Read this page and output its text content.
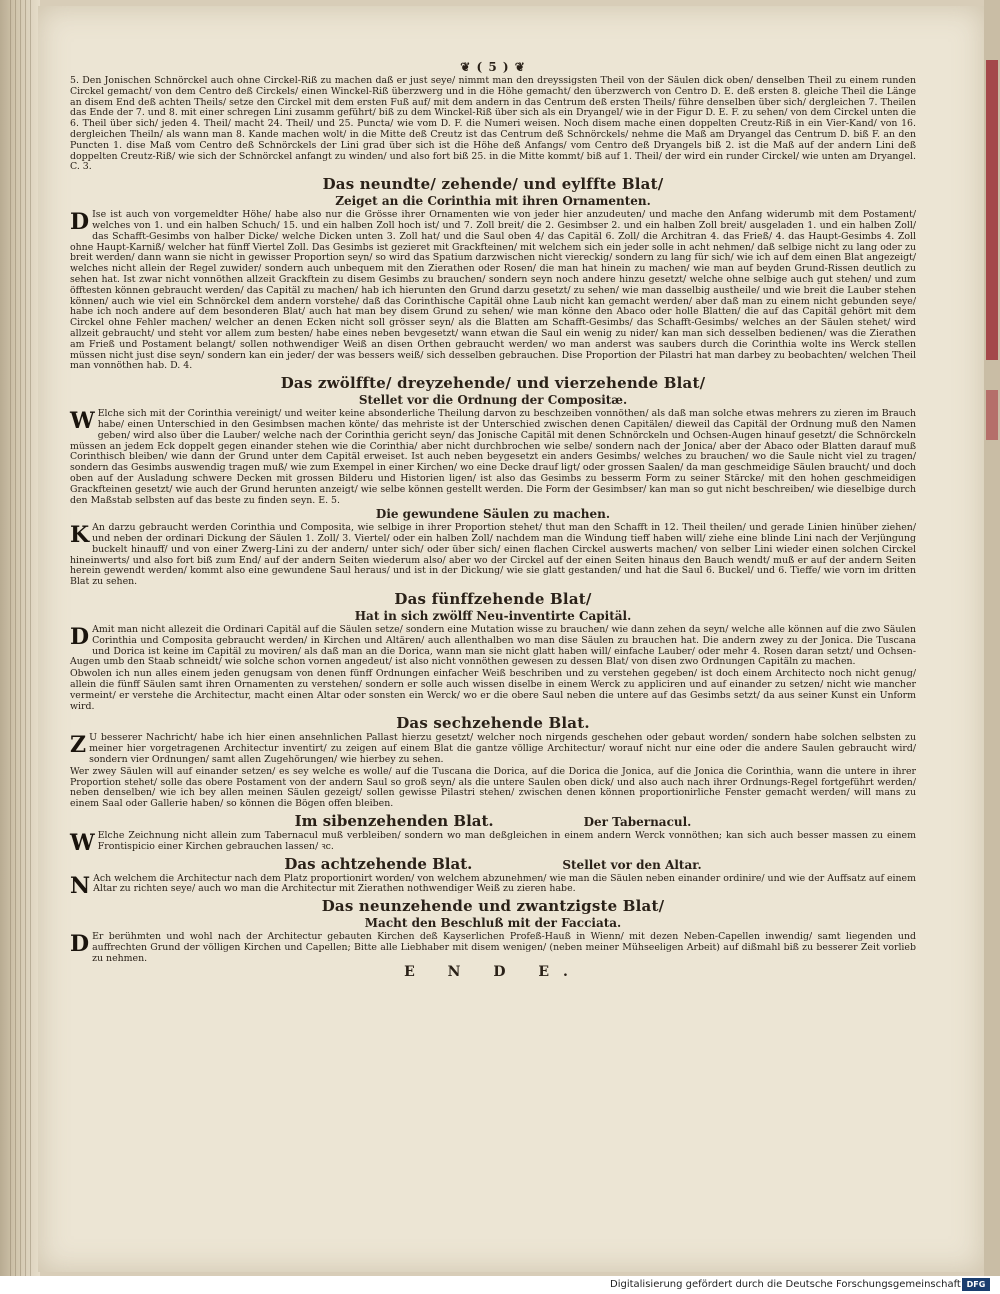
❦ ( 5 ) ❦

5. Den Jonischen Schnörckel auch ohne Circkel-Riß zu machen daß er just seye/ nimmt man den dreyssigsten Theil von der Säulen dick oben/ denselben Theil zu einem runden Circkel gemacht/ von dem Centro deß Circkels/ einen Winckel-Riß überzwerg und in die Höhe gemacht/ den überzwerch von Centro D. E. deß ersten 8. gleiche Theil die Länge an disem End deß achten Theils/ setze den Circkel mit dem ersten Fuß auf/ mit dem andern in das Centrum deß ersten Theils/ führe denselben über sich/ dergleichen 7. Theilen das Ende der 7. und 8. mit einer schregen Lini zusamm geführt/ biß zu dem Winckel-Riß über sich als ein Dryangel/ wie in der Figur D. E. F. zu sehen/ von dem Circkel unten die 6. Theil über sich/ jeden 4. Theil/ macht 24. Theil/ und 25. Puncta/ wie vom D. F. die Numeri weisen. Noch disem mache einen doppelten Creutz-Riß in ein Vier-Kand/ von 16. dergleichen Theiln/ als wann man 8. Kande machen wolt/ in die Mitte deß Creutz ist das Centrum deß Schnörckels/ nehme die Maß am Dryangel das Centrum D. biß F. an den Puncten 1. dise Maß vom Centro deß Schnörckels der Lini grad über sich ist die Höhe deß Anfangs/ vom Centro deß Dryangels biß 2. ist die Maß auf der andern Lini deß doppelten Creutz-Riß/ wie sich der Schnörckel anfangt zu winden/ und also fort biß 25. in die Mitte kommt/ biß auf 1. Theil/ der wird ein runder Circkel/ wie unten am Dryangel. C. 3.

Das neundte/ zehende/ und eylffte Blat/
Zeiget an die Corinthia mit ihren Ornamenten.

D Ise ist auch von vorgemeldter Höhe/ habe also nur die Grösse ihrer Ornamenten wie von jeder hier anzudeuten/ und mache den Anfang widerumb mit dem Postament/ welches von 1. und ein halben Schuch/ 15. und ein halben Zoll hoch ist/ und 7. Zoll breit/ die 2. Gesimbser 2. und ein halben Zoll breit/ ausgeladen 1. und ein halben Zoll/ das Schafft-Gesimbs von halber Dicke/ welche Dicken unten 3. Zoll hat/ und die Saul oben 4/ das Capitäl 6. Zoll/ die Architran 4. das Frieß/ 4. das Haupt-Gesimbs 4. Zoll ohne Haupt-Karniß/ welcher hat fünff Viertel Zoll. Das Gesimbs ist gezieret mit Grackfteinen/ mit welchem sich ein jeder solle in acht nehmen/ daß selbige nicht zu lang oder zu breit werden/ dann wann sie nicht in gewisser Proportion seyn/ so wird das Spatium darzwischen nicht viereckig/ sondern zu lang für sich/ wie ich auf dem einen Blat angezeigt/ welches nicht allein der Regel zuwider/ sondern auch unbequem mit den Zierathen oder Rosen/ die man hat hinein zu machen/ wie man auf beyden Grund-Rissen deutlich zu sehen hat. Ist zwar nicht vonnöthen allzeit Grackftein zu disem Gesimbs zu brauchen/ sondern seyn noch andere hinzu gesetzt/ welche ohne selbige auch gut stehen/ und zum öfftesten können gebraucht werden/ das Capitäl zu machen/ hab ich hierunten den Grund darzu gesetzt/ zu sehen/ wie man dasselbig austheile/ und wie breit die Lauber stehen können/ auch wie viel ein Schnörckel dem andern vorstehe/ daß das Corinthische Capitäl ohne Laub nicht kan gemacht werden/ aber daß man zu einem nicht gebunden seye/ habe ich noch andere auf dem besonderen Blat/ auch hat man bey disem Grund zu sehen/ wie man könne den Abaco oder holle Blatten/ die auf das Capitäl gehört mit dem Circkel ohne Fehler machen/ welcher an denen Ecken nicht soll grösser seyn/ als die Blatten am Schafft-Gesimbs/ das Schafft-Gesimbs/ welches an der Säulen stehet/ wird allzeit gebraucht/ und steht vor allem zum besten/ habe eines neben bevgesetzt/ wann etwan die Saul ein wenig zu nider/ kan man sich desselben bedienen/ was die Zierathen am Frieß und Postament belangt/ sollen nothwendiger Weiß an disen Orthen gebraucht werden/ wo man anderst was saubers durch die Corinthia wolte ins Werck stellen müssen nicht just dise seyn/ sondern kan ein jeder/ der was bessers weiß/ sich desselben gebrauchen. Dise Proportion der Pilastri hat man darbey zu beobachten/ welchen Theil man vonnöthen hab. D. 4.

Das zwölffte/ dreyzehende/ und vierzehende Blat/
Stellet vor die Ordnung der Compositæ.

W Elche sich mit der Corinthia vereinigt/ und weiter keine absonderliche Theilung darvon zu beschzeiben vonnöthen/ als daß man solche etwas mehrers zu zieren im Brauch habe/ einen Unterschied in den Gesimbsen machen könte/ das mehriste ist der Unterschied zwischen denen Capitälen/ dieweil das Capitäl der Ordnung muß den Namen geben/ wird also über die Lauber/ welche nach der Corinthia gericht seyn/ das Jonische Capitäl mit denen Schnörckeln und Ochsen-Augen hinauf gesetzt/ die Schnörckeln müssen an jedem Eck doppelt gegen einander stehen wie die Corinthia/ aber nicht durchbrochen wie selbe/ sondern nach der Jonica/ aber der Abaco oder Blatten darauf muß Corinthisch bleiben/ wie dann der Grund unter dem Capitäl erweiset. Ist auch neben beygesetzt ein anders Gesimbs/ welches zu brauchen/ wo die Saule nicht viel zu tragen/ sondern das Gesimbs auswendig tragen muß/ wie zum Exempel in einer Kirchen/ wo eine Decke drauf ligt/ oder grossen Saalen/ da man geschmeidige Säulen braucht/ und doch oben auf der Ausladung schwere Decken mit grossen Bilderu und Historien ligen/ ist also das Gesimbs zu besserm Form zu seiner Stärcke/ mit den hohen geschmeidigen Grackfteinen gesetzt/ wie auch der Grund herunten anzeigt/ wie selbe können gestellt werden. Die Form der Gesimbser/ kan man so gut nicht beschreiben/ wie dieselbige durch den Maßstab selbsten auf das beste zu finden seyn. E. 5.

Die gewundene Säulen zu machen.

K An darzu gebraucht werden Corinthia und Composita, wie selbige in ihrer Proportion stehet/ thut man den Schafft in 12. Theil theilen/ und gerade Linien hinüber ziehen/ und neben der ordinari Dickung der Säulen 1. Zoll/ 3. Viertel/ oder ein halben Zoll/ nachdem man die Windung tieff haben will/ ziehe eine blinde Lini nach der Verjüngung buckelt hinauff/ und von einer Zwerg-Lini zu der andern/ unter sich/ oder über sich/ einen flachen Circkel auswerts machen/ von selber Lini wieder einen solchen Circkel hineinwerts/ und also fort biß zum End/ auf der andern Seiten wiederum also/ aber wo der Circkel auf der einen Seiten hinaus den Bauch wendt/ muß er auf der andern Seiten herein gewendt werden/ kommt also eine gewundene Saul heraus/ und ist in der Dickung/ wie sie glatt gestanden/ und hat die Saul 6. Buckel/ und 6. Tieffe/ wie vorn im dritten Blat zu sehen.

Das fünffzehende Blat/
Hat in sich zwölff Neu-inventirte Capitäl.

D Amit man nicht allezeit die Ordinari Capitäl auf die Säulen setze/ sondern eine Mutation wisse zu brauchen/ wie dann zehen da seyn/ welche alle können auf die zwo Säulen Corinthia und Composita gebraucht werden/ in Kirchen und Altären/ auch allenthalben wo man dise Säulen zu brauchen hat. Die andern zwey zu der Jonica. Die Tuscana und Dorica ist keine im Capitäl zu moviren/ als daß man an die Dorica, wann man sie nicht glatt haben will/ einfache Lauber/ oder mehr 4. Rosen daran setzt/ und Ochsen-Augen umb den Staab schneidt/ wie solche schon vornen angedeut/ ist also nicht vonnöthen gewesen zu dessen Blat/ von disen zwo Ordnungen Capitäln zu machen.

Obwolen ich nun alles einem jeden genugsam von denen fünff Ordnungen einfacher Weiß beschriben und zu verstehen gegeben/ ist doch einem Architecto noch nicht genug/ allein die fünff Säulen samt ihren Ornamenten zu verstehen/ sondern er solle auch wissen diselbe in einem Werck zu appliciren und auf einander zu setzen/ nicht wie mancher vermeint/ er verstehe die Architectur, macht einen Altar oder sonsten ein Werck/ wo er die obere Saul neben die untere auf das Gesimbs setzt/ da aus seiner Kunst ein Unform wird.

Das sechzehende Blat.

Z U besserer Nachricht/ habe ich hier einen ansehnlichen Pallast hierzu gesetzt/ welcher noch nirgends geschehen oder gebaut worden/ sondern habe solchen selbsten zu meiner hier vorgetragenen Architectur inventirt/ zu zeigen auf einem Blat die gantze völlige Architectur/ worauf nicht nur eine oder die andere Saulen gebraucht wird/ sondern vier Ordnungen/ samt allen Zugehörungen/ wie hierbey zu sehen.

Wer zwey Säulen will auf einander setzen/ es sey welche es wolle/ auf die Tuscana die Dorica, auf die Dorica die Jonica, auf die Jonica die Corinthia, wann die untere in ihrer Proportion stehet/ solle das obere Postament von der andern Saul so groß seyn/ als die untere Saulen oben dick/ und also auch nach ihrer Ordnungs-Regel fortgeführt werden/ neben denselben/ wie ich bey allen meinen Säulen gezeigt/ sollen gewisse Pilastri stehen/ zwischen denen können proportionirliche Fenster gemacht werden/ will mans zu einem Saal oder Gallerie haben/ so können die Bögen offen bleiben.

Im sibenzehenden Blat.	Der Tabernacul.

W Elche Zeichnung nicht allein zum Tabernacul muß verbleiben/ sondern wo man deßgleichen in einem andern Werck vonnöthen; kan sich auch besser massen zu einem Frontispicio einer Kirchen gebrauchen lassen/ ꝛc.

Das achtzehende Blat.	Stellet vor den Altar.

N Ach welchem die Architectur nach dem Platz proportionirt worden/ von welchem abzunehmen/ wie man die Säulen neben einander ordinire/ und wie der Auffsatz auf einem Altar zu richten seye/ auch wo man die Architectur mit Zierathen nothwendiger Weiß zu zieren habe.

Das neunzehende und zwantzigste Blat/
Macht den Beschluß mit der Facciata.

D Er berühmten und wohl nach der Architectur gebauten Kirchen deß Kayserlichen Profeß-Hauß in Wienn/ mit dezen Neben-Capellen inwendig/ samt liegenden und auffrechten Grund der völligen Kirchen und Capellen; Bitte alle Liebhaber mit disem wenigen/ (neben meiner Mühseeligen Arbeit) auf dißmahl biß zu besserer Zeit vorlieb zu nehmen.

E N D E.
Digitalisierung gefördert durch die Deutsche Forschungsgemeinschaft DFG
